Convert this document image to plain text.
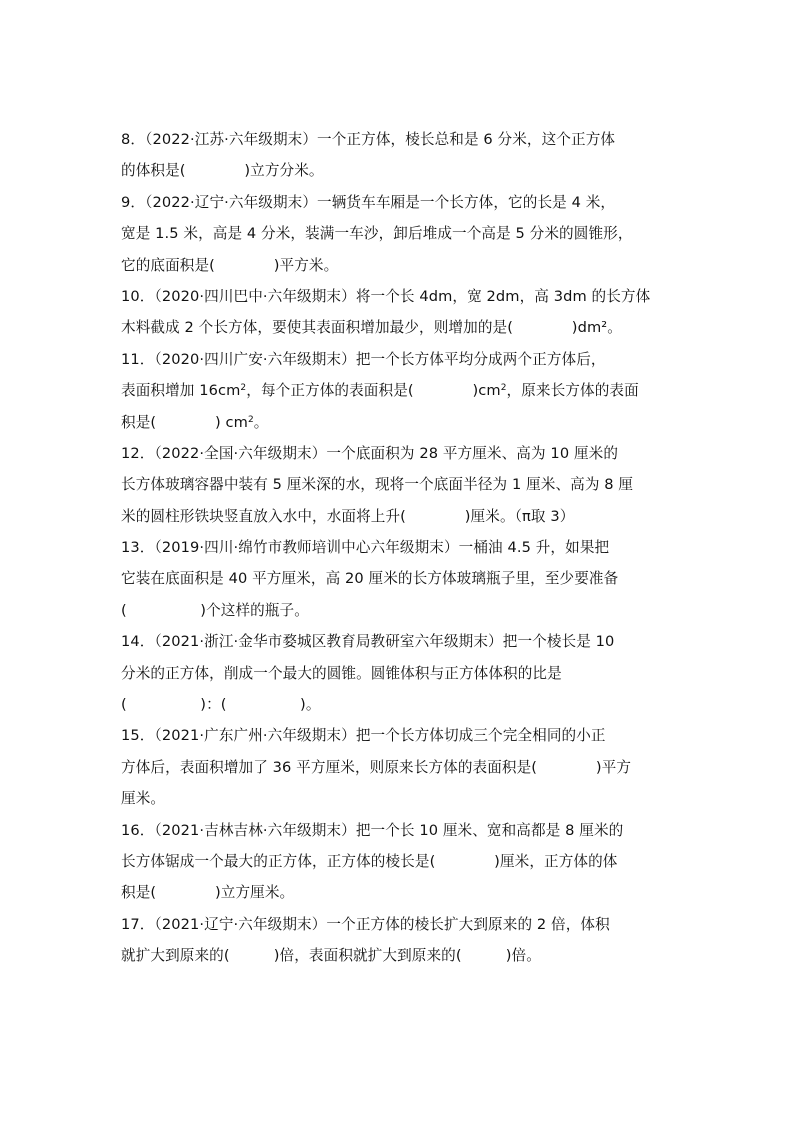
8．（2022·江苏·六年级期末）一个正方体，棱长总和是 6 分米，这个正方体
的体积是(　　　　	)立方分米。
9．（2022·辽宁·六年级期末）一辆货车车厢是一个长方体，它的长是 4 米，
宽是 1.5 米，高是 4 分米，装满一车沙，卸后堆成一个高是 5 分米的圆锥形，
它的底面积是(　　　　	)平方米。
10．（2020·四川巴中·六年级期末）将一个长 4dm，宽 2dm，高 3dm 的长方体
木料截成 2 个长方体，要使其表面积增加最少，则增加的是(　　　　	)dm²。
11．（2020·四川广安·六年级期末）把一个长方体平均分成两个正方体后，
表面积增加 $16cm^2$，每个正方体的表面积是(　　　　	)$cm^2$，原来长方体的表面
积是(　　　　	) $cm^2$。
12．（2022·全国·六年级期末）一个底面积为 28 平方厘米、高为 10 厘米的
长方体玻璃容器中装有 5 厘米深的水，现将一个底面半径为 1 厘米、高为 8 厘
米的圆柱形铁块竖直放入水中，水面将上升(　　　　	)厘米。（π取 3）
13．（2019·四川·绵竹市教师培训中心六年级期末）一桶油 4.5 升，如果把
它装在底面积是 40 平方厘米，高 20 厘米的长方体玻璃瓶子里，至少要准备
(　　　　　	)个这样的瓶子。
14．（2021·浙江·金华市婺城区教育局教研室六年级期末）把一个棱长是 10
分米的正方体，削成一个最大的圆锥。圆锥体积与正方体体积的比是
(　　　　　	)：(　　　　　	)。
15．（2021·广东广州·六年级期末）把一个长方体切成三个完全相同的小正
方体后，表面积增加了 36 平方厘米，则原来长方体的表面积是(　　　　	)平方
厘米。
16．（2021·吉林吉林·六年级期末）把一个长 10 厘米、宽和高都是 8 厘米的
长方体锯成一个最大的正方体，正方体的棱长是(　　　　	)厘米，正方体的体
积是(　　　　	)立方厘米。
17．（2021·辽宁·六年级期末）一个正方体的棱长扩大到原来的 2 倍，体积
就扩大到原来的(　　　	)倍，表面积就扩大到原来的(　　　	)倍。
